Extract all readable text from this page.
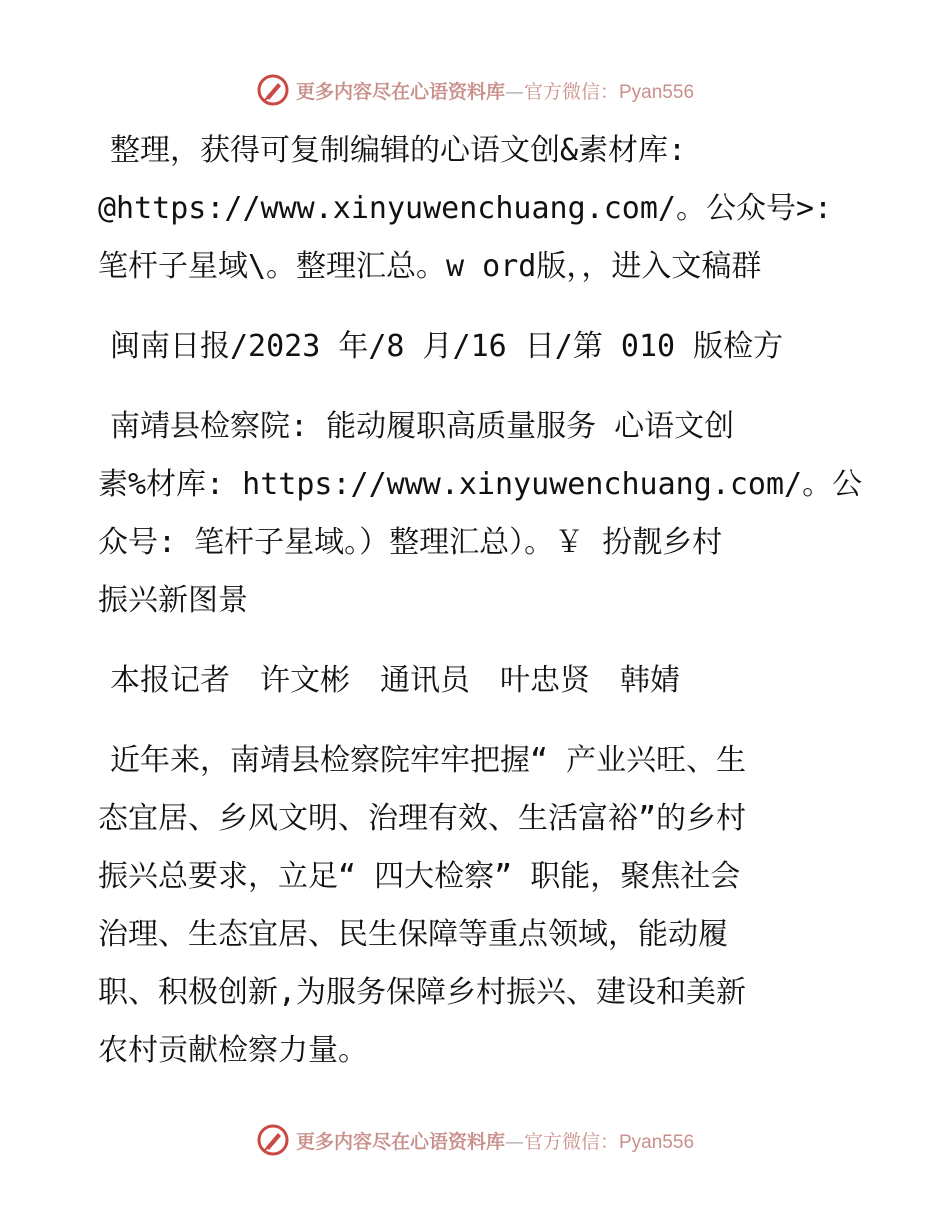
更多内容尽在心语资料库—官方微信：Pyan556
整理，获得可复制编辑的心语文创&素材库:
@https://www.xinyuwenchuang.com/。公众号>:
笔杆子星域\。整理汇总。w ord版，，进入文稿群
闽南日报/2023 年/8 月/16 日/第 010 版检方
南靖县检察院: 能动履职高质量服务 心语文创
素%材库: https://www.xinyuwenchuang.com/。公
众号: 笔杆子星域。）整理汇总）。￥ 扮靓乡村
振兴新图景
本报记者　许文彬　通讯员　叶忠贤　韩婧
近年来，南靖县检察院牢牢把握“ 产业兴旺、生
态宜居、乡风文明、治理有效、生活富裕”的乡村
振兴总要求，立足“ 四大检察” 职能，聚焦社会
治理、生态宜居、民生保障等重点领域，能动履
职、积极创新,为服务保障乡村振兴、建设和美新
农村贡献检察力量。
更多内容尽在心语资料库—官方微信：Pyan556
